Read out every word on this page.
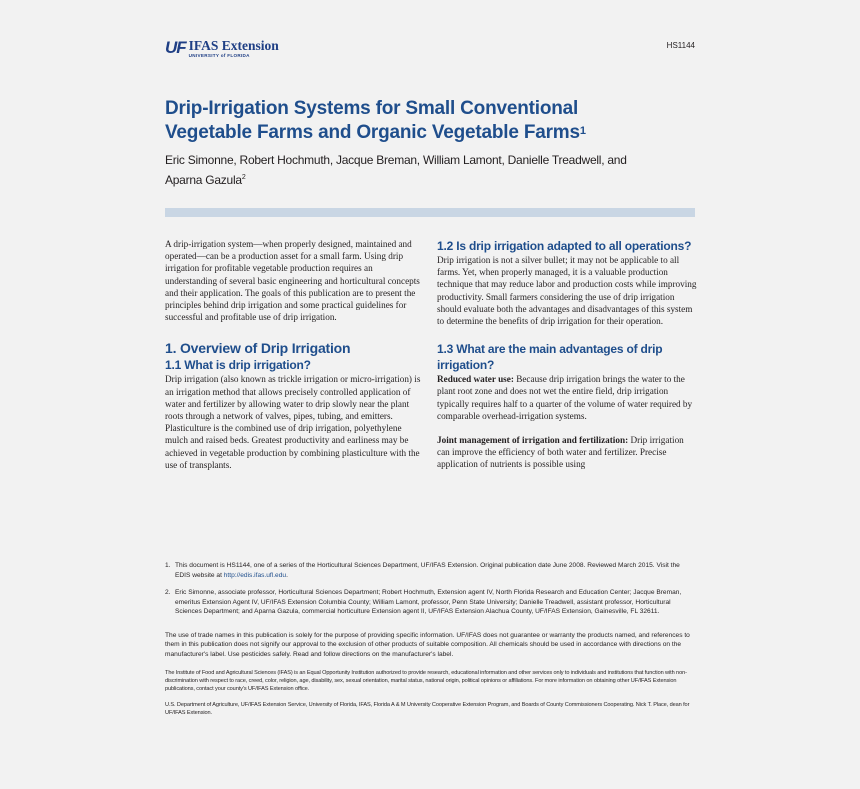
UF IFAS Extension
UNIVERSITY of FLORIDA
HS1144
Drip-Irrigation Systems for Small Conventional
Vegetable Farms and Organic Vegetable Farms$^1$

Eric Simonne, Robert Hochmuth, Jacque Breman, William Lamont, Danielle Treadwell, and
Aparna Gazula$^2$

A drip-irrigation system—when properly designed, maintained and operated—can be a production asset for a small farm. Using drip irrigation for profitable vegetable production requires an understanding of several basic engineering and horticultural concepts and their application. The goals of this publication are to present the principles behind drip irrigation and some practical guidelines for successful and profitable use of drip irrigation.

1. Overview of Drip Irrigation
1.1 What is drip irrigation?

Drip irrigation (also known as trickle irrigation or micro-irrigation) is an irrigation method that allows precisely controlled application of water and fertilizer by allowing water to drip slowly near the plant roots through a network of valves, pipes, tubing, and emitters. Plasticulture is the combined use of drip irrigation, polyethylene mulch and raised beds. Greatest productivity and earliness may be achieved in vegetable production by combining plasticulture with the use of transplants.

1.2 Is drip irrigation adapted to all operations?

Drip irrigation is not a silver bullet; it may not be applicable to all farms. Yet, when properly managed, it is a valuable production technique that may reduce labor and production costs while improving productivity. Small farmers considering the use of drip irrigation should evaluate both the advantages and disadvantages of this system to determine the benefits of drip irrigation for their operation.

1.3 What are the main advantages of drip irrigation?

Reduced water use: Because drip irrigation brings the water to the plant root zone and does not wet the entire field, drip irrigation typically requires half to a quarter of the volume of water required by comparable overhead-irrigation systems.

Joint management of irrigation and fertilization: Drip irrigation can improve the efficiency of both water and fertilizer. Precise application of nutrients is possible using

1. This document is HS1144, one of a series of the Horticultural Sciences Department, UF/IFAS Extension. Original publication date June 2008. Reviewed March 2015. Visit the EDIS website at http://edis.ifas.ufl.edu.
2. Eric Simonne, associate professor, Horticultural Sciences Department; Robert Hochmuth, Extension agent IV, North Florida Research and Education Center; Jacque Breman, emeritus Extension Agent IV, UF/IFAS Extension Columbia County; William Lamont, professor, Penn State University; Danielle Treadwell, assistant professor, Horticultural Sciences Department; and Aparna Gazula, commercial horticulture Extension agent II, UF/IFAS Extension Alachua County, UF/IFAS Extension, Gainesville, FL 32611.
The use of trade names in this publication is solely for the purpose of providing specific information. UF/IFAS does not guarantee or warranty the products named, and references to them in this publication does not signify our approval to the exclusion of other products of suitable composition. All chemicals should be used in accordance with directions on the manufacturer's label. Use pesticides safely. Read and follow directions on the manufacturer's label.
The Institute of Food and Agricultural Sciences (IFAS) is an Equal Opportunity Institution authorized to provide research, educational information and other services only to individuals and institutions that function with non-discrimination with respect to race, creed, color, religion, age, disability, sex, sexual orientation, marital status, national origin, political opinions or affiliations. For more information on obtaining other UF/IFAS Extension publications, contact your county's UF/IFAS Extension office.
U.S. Department of Agriculture, UF/IFAS Extension Service, University of Florida, IFAS, Florida A & M University Cooperative Extension Program, and Boards of County Commissioners Cooperating. Nick T. Place, dean for UF/IFAS Extension.
